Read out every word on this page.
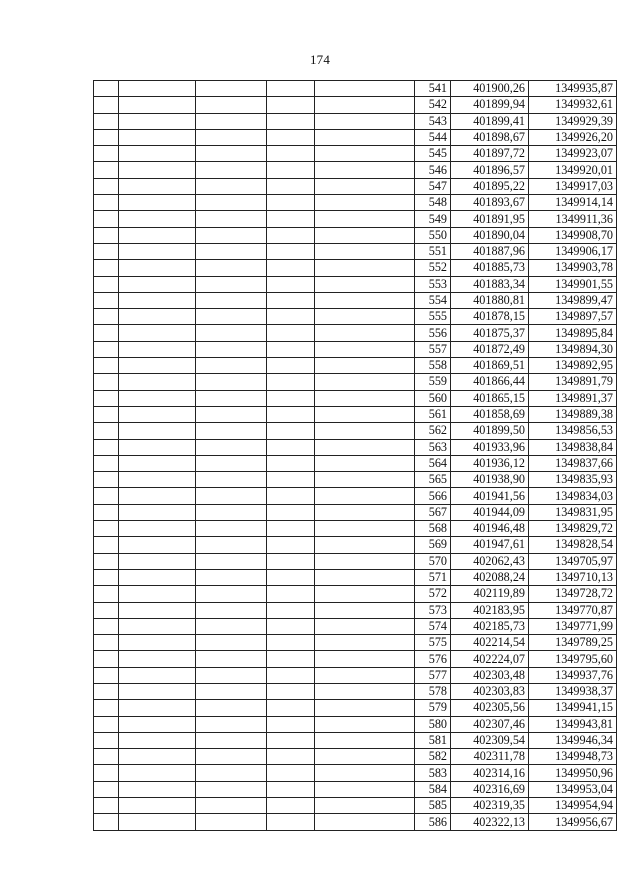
174
					541	401900,26	1349935,87
					542	401899,94	1349932,61
					543	401899,41	1349929,39
					544	401898,67	1349926,20
					545	401897,72	1349923,07
					546	401896,57	1349920,01
					547	401895,22	1349917,03
					548	401893,67	1349914,14
					549	401891,95	1349911,36
					550	401890,04	1349908,70
					551	401887,96	1349906,17
					552	401885,73	1349903,78
					553	401883,34	1349901,55
					554	401880,81	1349899,47
					555	401878,15	1349897,57
					556	401875,37	1349895,84
					557	401872,49	1349894,30
					558	401869,51	1349892,95
					559	401866,44	1349891,79
					560	401865,15	1349891,37
					561	401858,69	1349889,38
					562	401899,50	1349856,53
					563	401933,96	1349838,84
					564	401936,12	1349837,66
					565	401938,90	1349835,93
					566	401941,56	1349834,03
					567	401944,09	1349831,95
					568	401946,48	1349829,72
					569	401947,61	1349828,54
					570	402062,43	1349705,97
					571	402088,24	1349710,13
					572	402119,89	1349728,72
					573	402183,95	1349770,87
					574	402185,73	1349771,99
					575	402214,54	1349789,25
					576	402224,07	1349795,60
					577	402303,48	1349937,76
					578	402303,83	1349938,37
					579	402305,56	1349941,15
					580	402307,46	1349943,81
					581	402309,54	1349946,34
					582	402311,78	1349948,73
					583	402314,16	1349950,96
					584	402316,69	1349953,04
					585	402319,35	1349954,94
					586	402322,13	1349956,67
